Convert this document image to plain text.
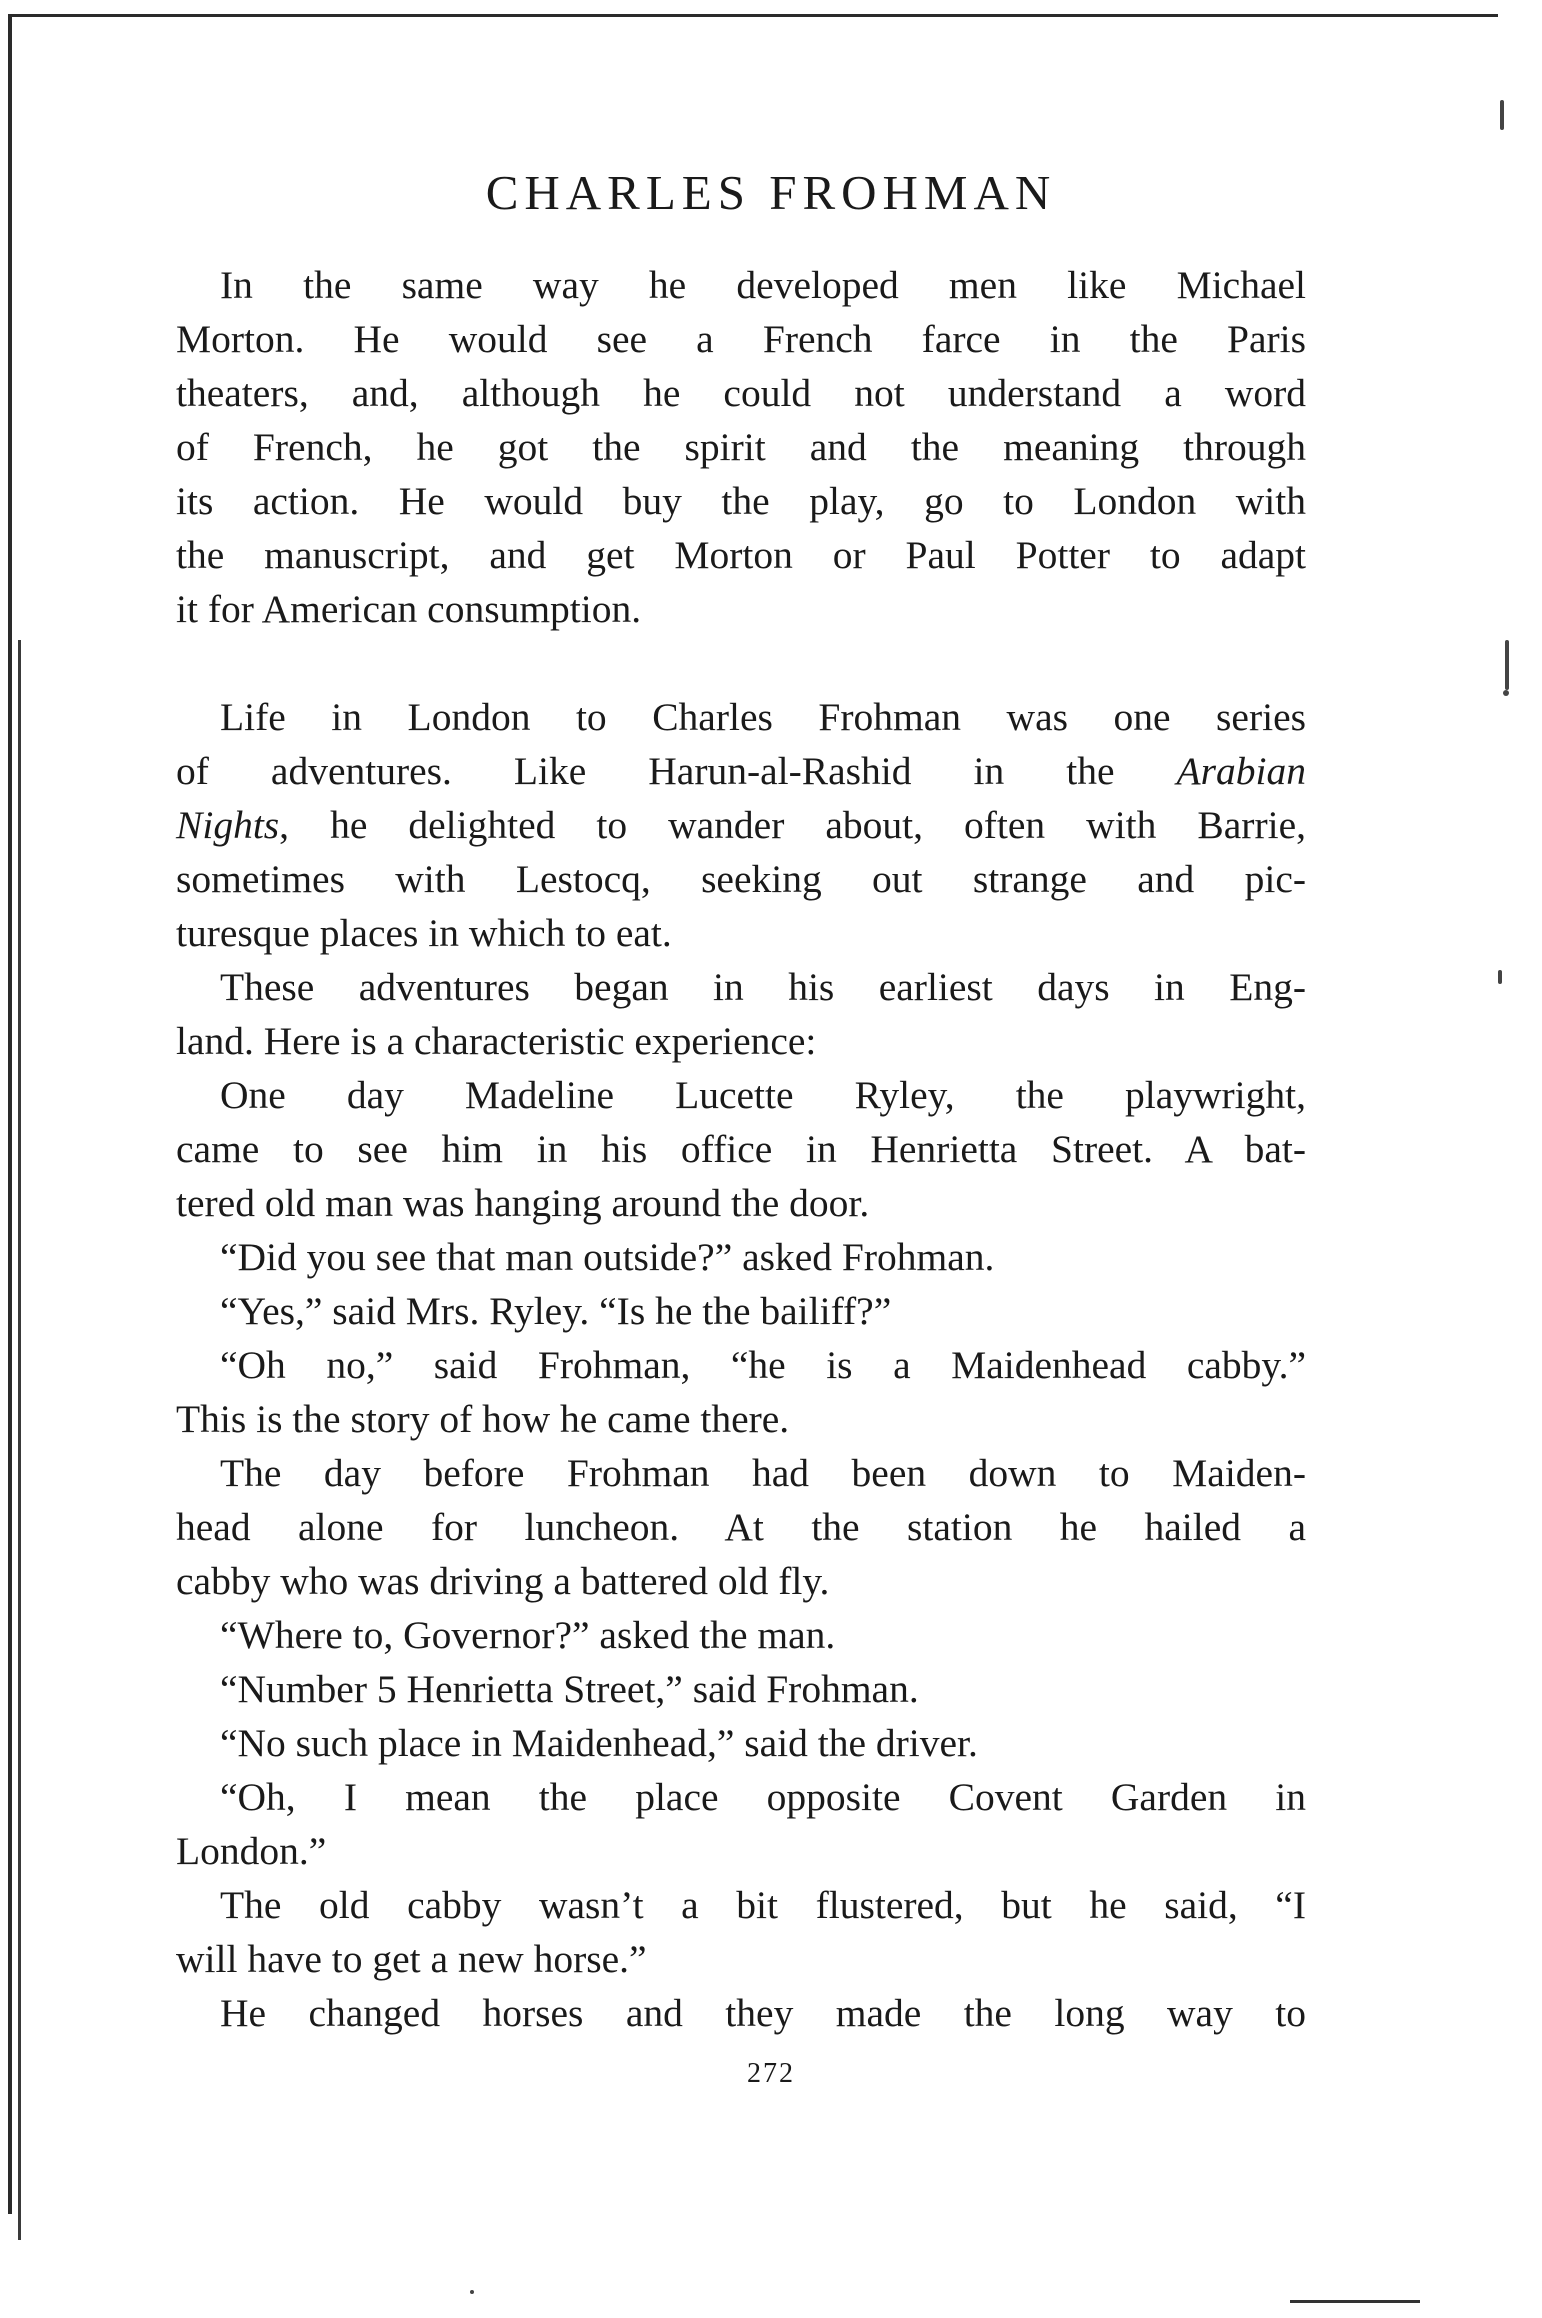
CHARLES FROHMAN
In the same way he developed men like Michael
Morton. He would see a French farce in the Paris
theaters, and, although he could not understand a word
of French, he got the spirit and the meaning through
its action. He would buy the play, go to London with
the manuscript, and get Morton or Paul Potter to adapt
it for American consumption.
Life in London to Charles Frohman was one series
of adventures. Like Harun-al-Rashid in the Arabian
Nights, he delighted to wander about, often with Barrie,
sometimes with Lestocq, seeking out strange and pic-
turesque places in which to eat.
These adventures began in his earliest days in Eng-
land. Here is a characteristic experience:
One day Madeline Lucette Ryley, the playwright,
came to see him in his office in Henrietta Street. A bat-
tered old man was hanging around the door.
“Did you see that man outside?” asked Frohman.
“Yes,” said Mrs. Ryley. “Is he the bailiff?”
“Oh no,” said Frohman, “he is a Maidenhead cabby.”
This is the story of how he came there.
The day before Frohman had been down to Maiden-
head alone for luncheon. At the station he hailed a
cabby who was driving a battered old fly.
“Where to, Governor?” asked the man.
“Number 5 Henrietta Street,” said Frohman.
“No such place in Maidenhead,” said the driver.
“Oh, I mean the place opposite Covent Garden in
London.”
The old cabby wasn’t a bit flustered, but he said, “I
will have to get a new horse.”
He changed horses and they made the long way to
272
